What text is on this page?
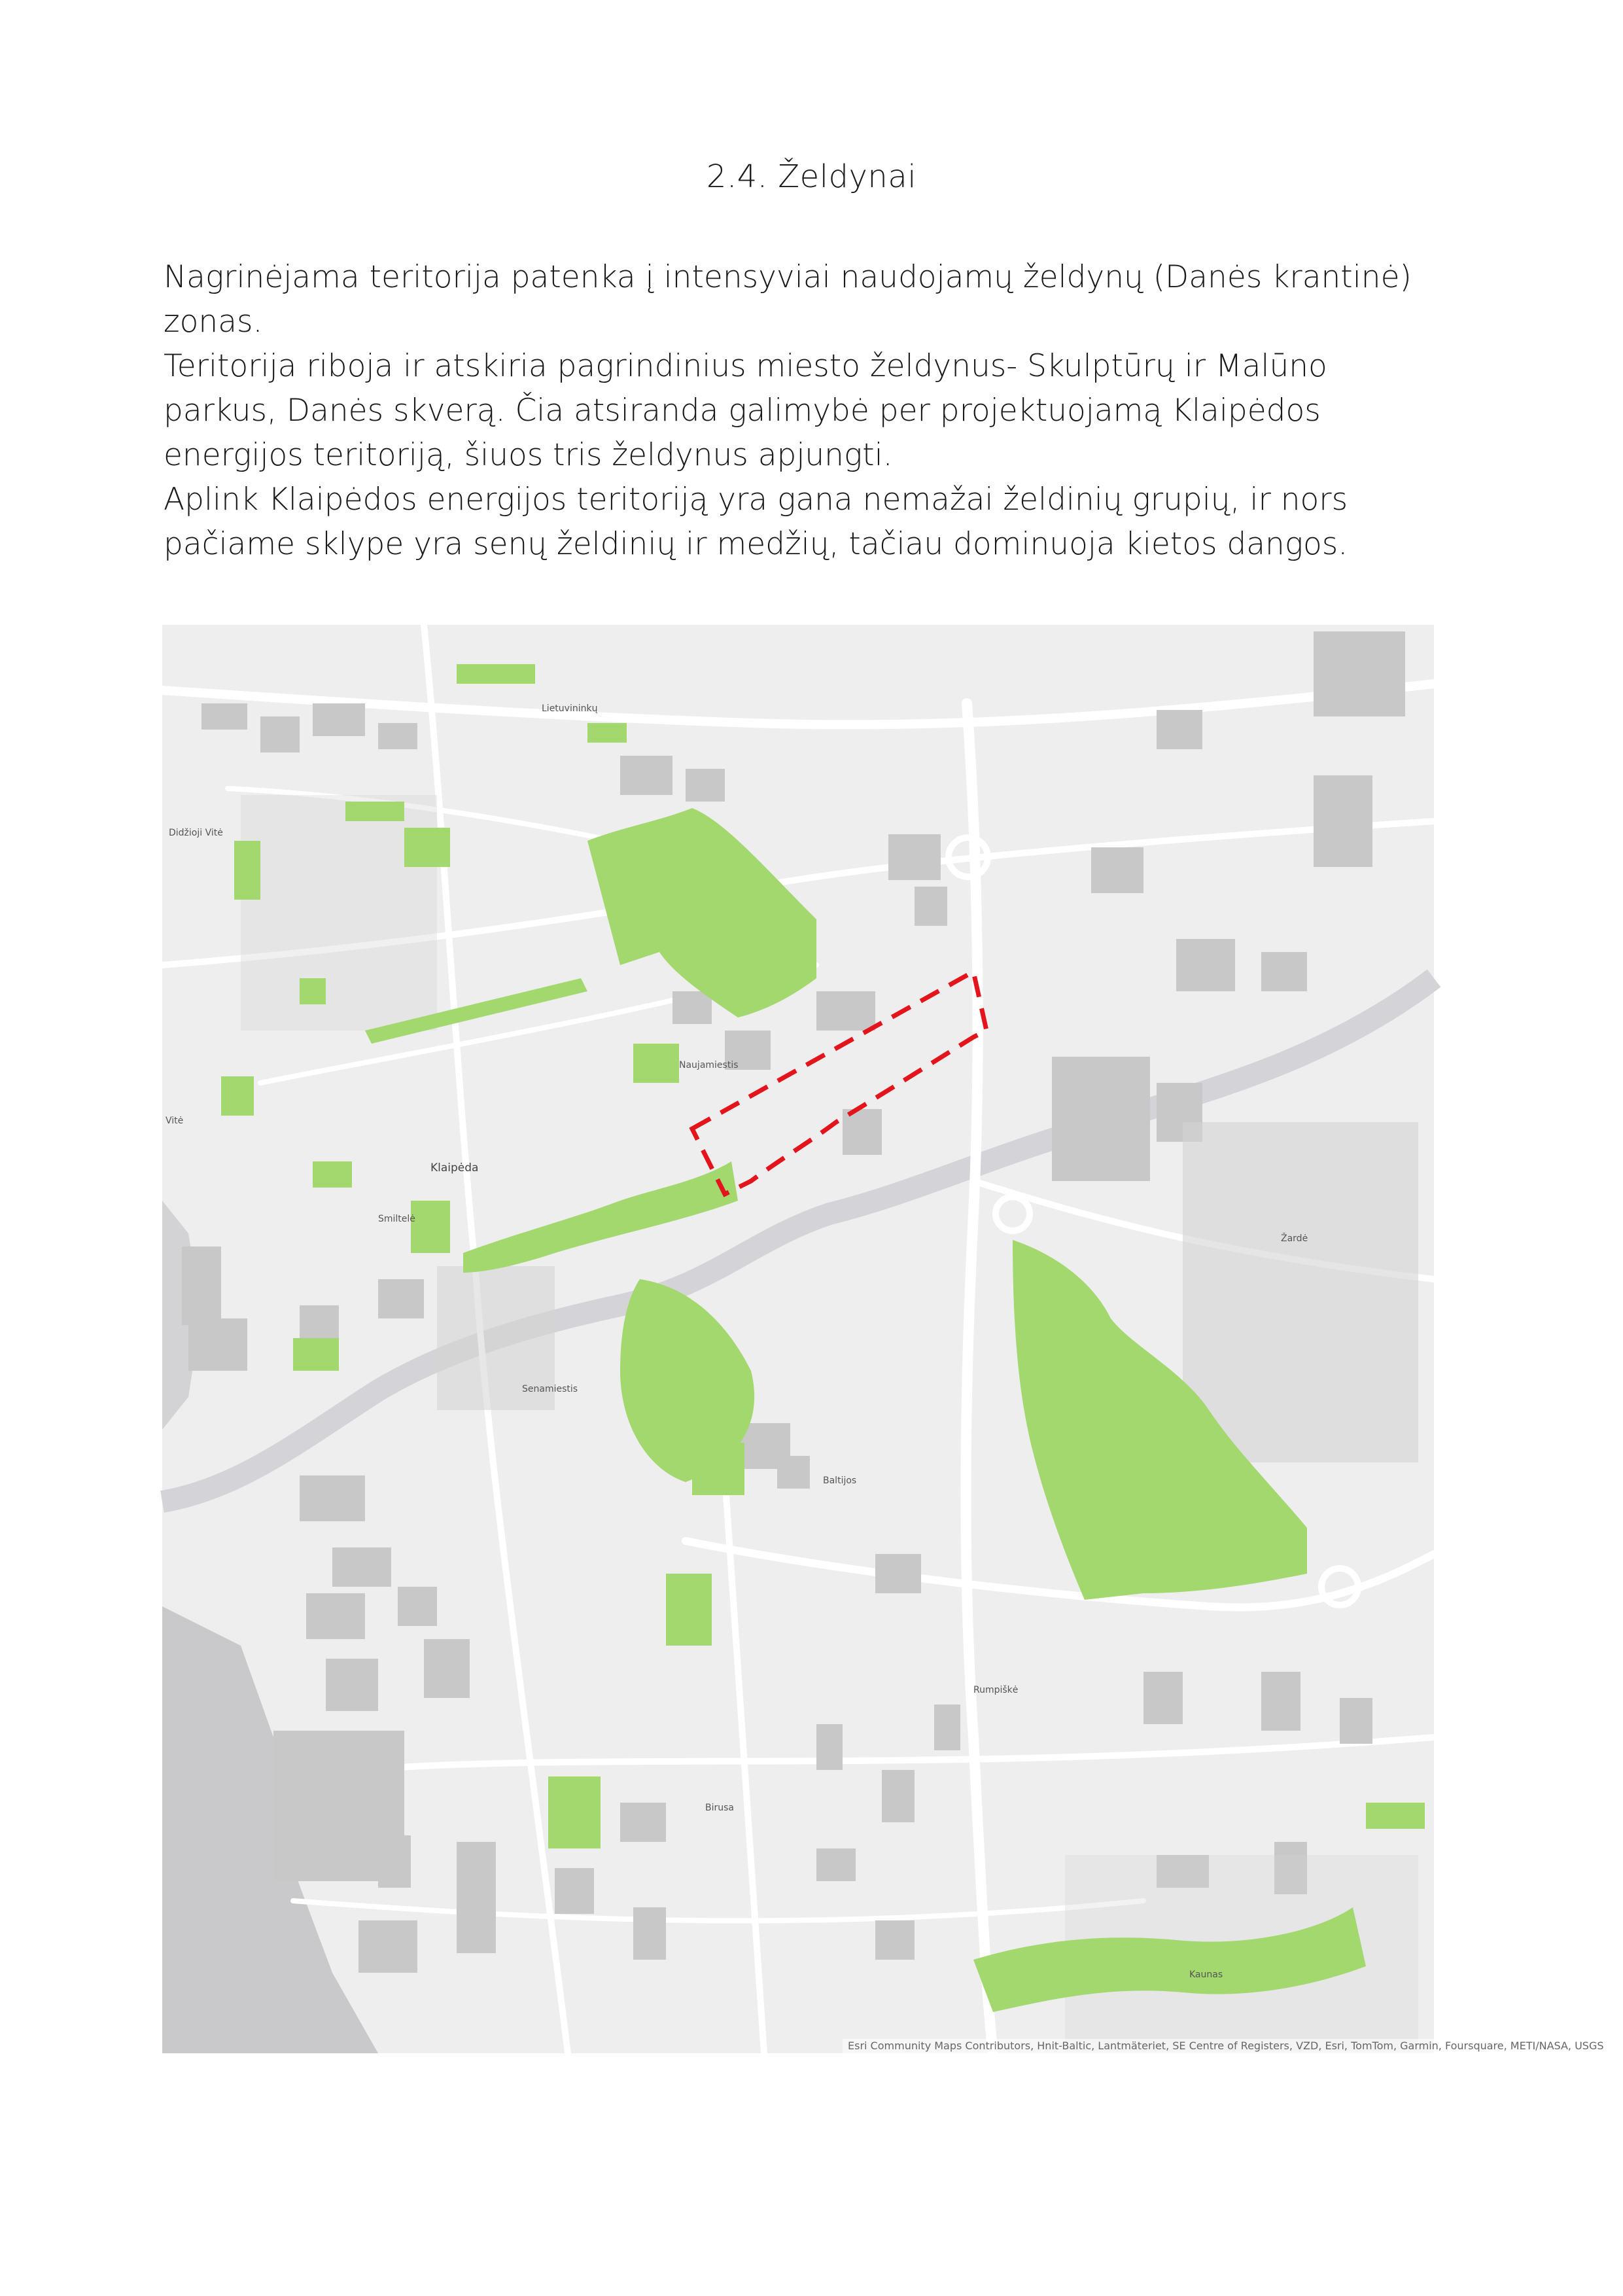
2.4. Želdynai

Nagrinėjama teritorija patenka į intensyviai naudojamų želdynų (Danės krantinė) zonas.

Teritorija riboja ir atskiria pagrindinius miesto želdynus- Skulptūrų ir Malūno parkus, Danės skverą. Čia atsiranda galimybė per projektuojamą Klaipėdos energijos teritoriją, šiuos tris želdynus apjungti.

Aplink Klaipėdos energijos teritoriją yra gana nemažai želdinių grupių, ir nors pačiame sklype yra senų želdinių ir medžių, tačiau dominuoja kietos dangos.

Klaipėda
Naujamiestis
Smiltelė
Baltijos
Rumpiškė
Birusa
Kaunas
Lietuvininkų
Senamiestis
Didžioji Vitė
Vitė
Žardė
Esri Community Maps Contributors, Hnit-Baltic, Lantmäteriet, SE Centre of Registers, VZD, Esri, TomTom, Garmin, Foursquare, METI/NASA, USGS
